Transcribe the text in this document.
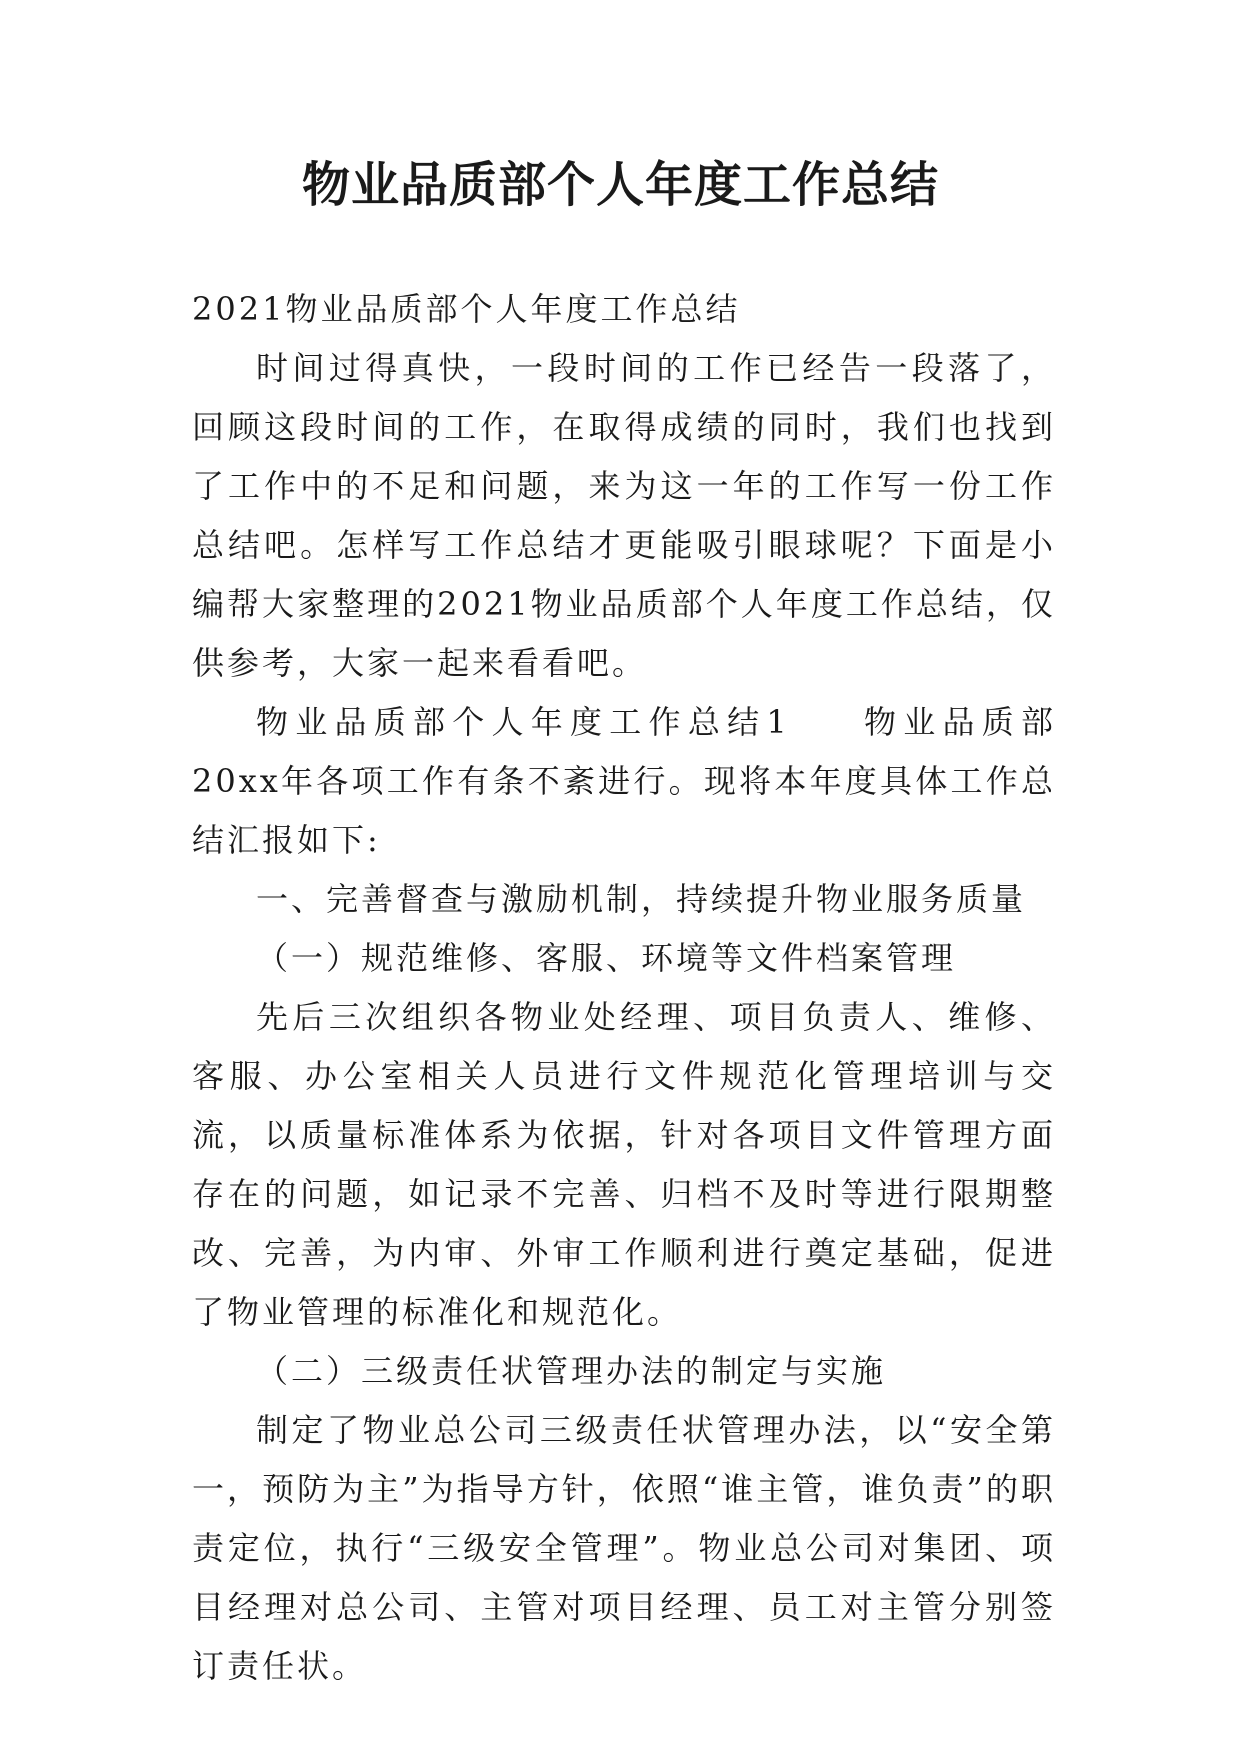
物业品质部个人年度工作总结

2021物业品质部个人年度工作总结

时间过得真快，一段时间的工作已经告一段落了，回顾这段时间的工作，在取得成绩的同时，我们也找到了工作中的不足和问题，来为这一年的工作写一份工作总结吧。怎样写工作总结才更能吸引眼球呢？下面是小编帮大家整理的2021物业品质部个人年度工作总结，仅供参考，大家一起来看看吧。

物业品质部个人年度工作总结1 物业品质部20xx年各项工作有条不紊进行。现将本年度具体工作总结汇报如下:

一、完善督查与激励机制，持续提升物业服务质量

（一）规范维修、客服、环境等文件档案管理

先后三次组织各物业处经理、项目负责人、维修、客服、办公室相关人员进行文件规范化管理培训与交流，以质量标准体系为依据，针对各项目文件管理方面存在的问题，如记录不完善、归档不及时等进行限期整改、完善，为内审、外审工作顺利进行奠定基础，促进了物业管理的标准化和规范化。

（二）三级责任状管理办法的制定与实施

制定了物业总公司三级责任状管理办法，以“安全第一，预防为主”为指导方针，依照“谁主管，谁负责”的职责定位，执行“三级安全管理”。物业总公司对集团、项目经理对总公司、主管对项目经理、员工对主管分别签订责任状。
